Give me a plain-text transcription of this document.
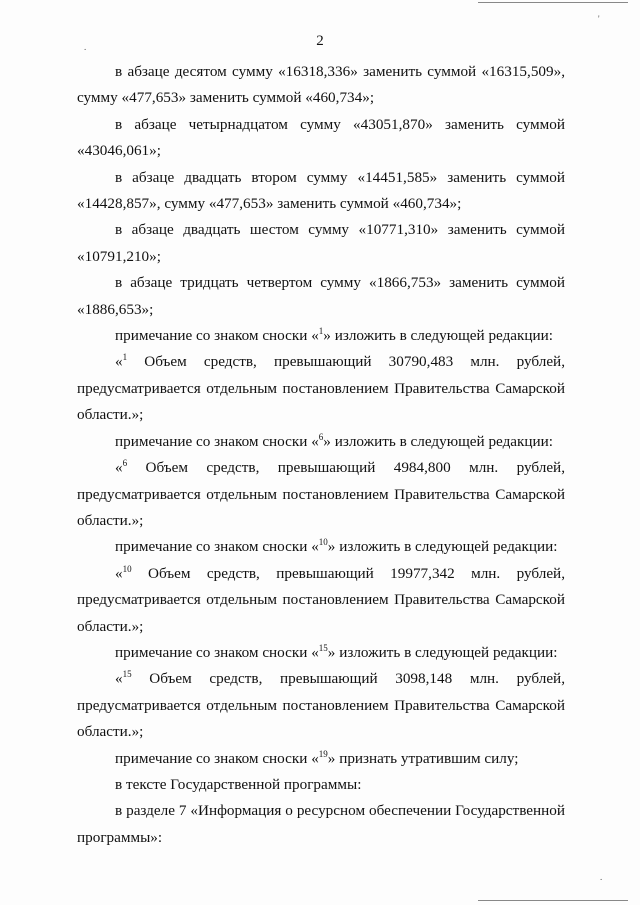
'
.
.
2

в абзаце десятом сумму «16318,336» заменить суммой «16315,509», сумму «477,653» заменить суммой «460,734»;

в абзаце четырнадцатом сумму «43051,870» заменить суммой «43046,061»;

в абзаце двадцать втором сумму «14451,585» заменить суммой «14428,857», сумму «477,653» заменить суммой «460,734»;

в абзаце двадцать шестом сумму «10771,310» заменить суммой «10791,210»;

в абзаце тридцать четвертом сумму «1866,753» заменить суммой «1886,653»;

примечание со знаком сноски «$^1$» изложить в следующей редакции:

«$^1$ Объем средств, превышающий 30790,483 млн. рублей, предусматривается отдельным постановлением Правительства Самарской области.»;

примечание со знаком сноски «$^6$» изложить в следующей редакции:

«$^6$ Объем средств, превышающий 4984,800 млн. рублей, предусматривается отдельным постановлением Правительства Самарской области.»;

примечание со знаком сноски «$^{10}$» изложить в следующей редакции:

«$^{10}$ Объем средств, превышающий 19977,342 млн. рублей, предусматривается отдельным постановлением Правительства Самарской области.»;

примечание со знаком сноски «$^{15}$» изложить в следующей редакции:

«$^{15}$ Объем средств, превышающий 3098,148 млн. рублей, предусматривается отдельным постановлением Правительства Самарской области.»;

примечание со знаком сноски «$^{19}$» признать утратившим силу;

в тексте Государственной программы:

в разделе 7 «Информация о ресурсном обеспечении Государственной программы»:
